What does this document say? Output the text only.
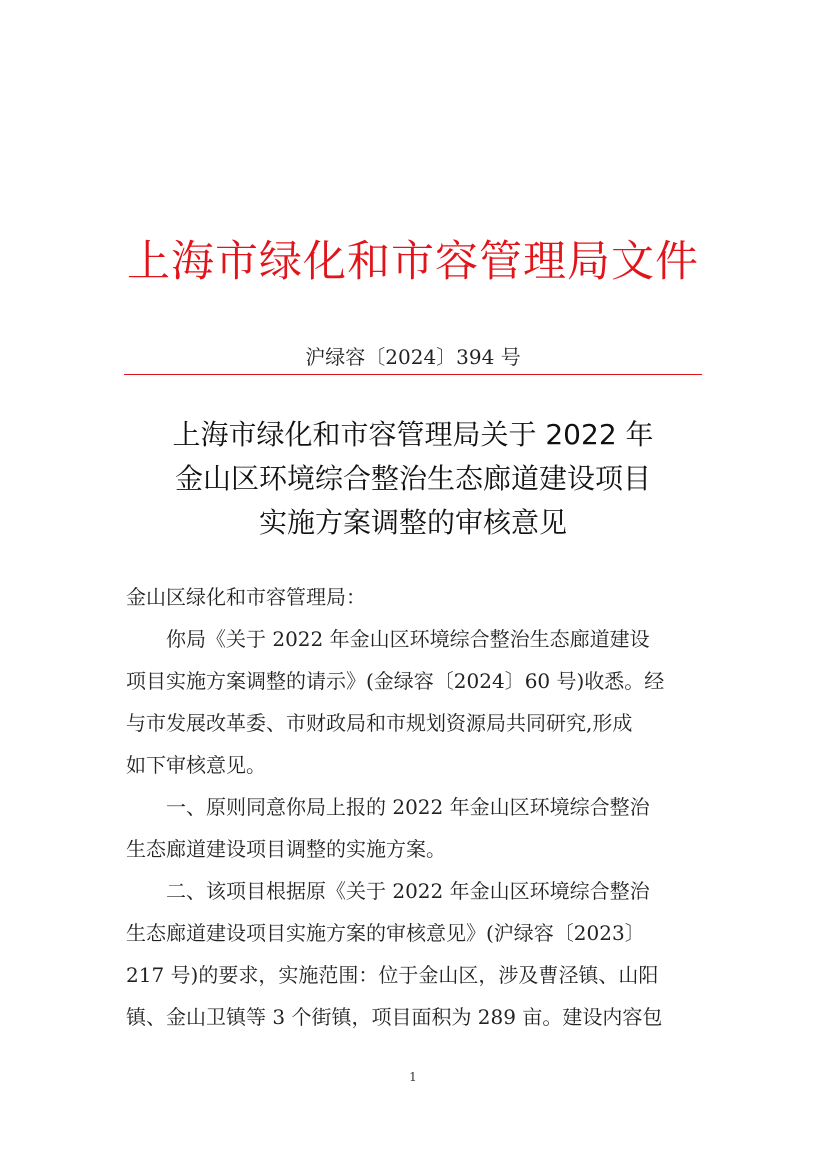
上海市绿化和市容管理局文件
沪绿容〔2024〕394 号
上海市绿化和市容管理局关于 2022 年
金山区环境综合整治生态廊道建设项目
实施方案调整的审核意见
金山区绿化和市容管理局：
你局《关于 2022 年金山区环境综合整治生态廊道建设
项目实施方案调整的请示》(金绿容〔2024〕60 号)收悉。经
与市发展改革委、市财政局和市规划资源局共同研究,形成
如下审核意见。
一、原则同意你局上报的 2022 年金山区环境综合整治
生态廊道建设项目调整的实施方案。
二、该项目根据原《关于 2022 年金山区环境综合整治
生态廊道建设项目实施方案的审核意见》(沪绿容〔2023〕
217 号)的要求，实施范围：位于金山区，涉及曹泾镇、山阳
镇、金山卫镇等 3 个街镇，项目面积为 289 亩。建设内容包
1
